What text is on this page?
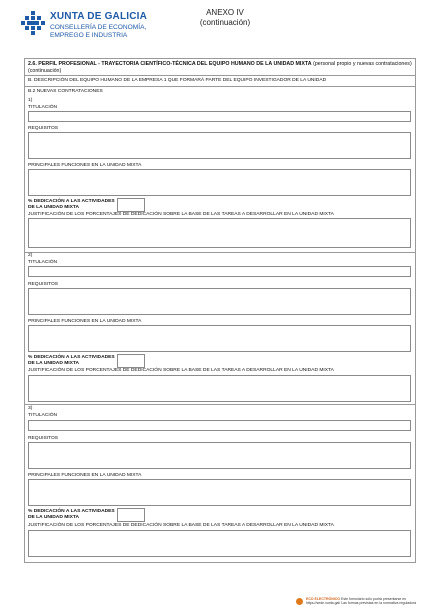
XUNTA DE GALICIA
CONSELLERÍA DE ECONOMÍA,
EMPREGO E INDUSTRIA
ANEXO IV
(continuación)
2.6. PERFIL PROFESIONAL - TRAYECTORIA CIENTÍFICO-TÉCNICA DEL EQUIPO HUMANO DE LA UNIDAD MIXTA (personal propio y nuevas contrataciones) (continuación)
B. DESCRIPCIÓN DEL EQUIPO HUMANO DE LA EMPRESA 1 QUE FORMARÁ PARTE DEL EQUIPO INVESTIGADOR DE LA UNIDAD
B.2 NUEVAS CONTRATACIONES
1)
TITULACIÓN
REQUISITOS
PRINCIPALES FUNCIONES EN LA UNIDAD MIXTA
% DEDICACIÓN A LAS ACTIVIDADES
DE LA UNIDAD MIXTA
JUSTIFICACIÓN DE LOS PORCENTAJES DE DEDICACIÓN SOBRE LA BASE DE LAS TAREAS A DESARROLLAR EN LA UNIDAD MIXTA
2)
TITULACIÓN
REQUISITOS
PRINCIPALES FUNCIONES EN LA UNIDAD MIXTA
% DEDICACIÓN A LAS ACTIVIDADES
DE LA UNIDAD MIXTA
JUSTIFICACIÓN DE LOS PORCENTAJES DE DEDICACIÓN SOBRE LA BASE DE LAS TAREAS A DESARROLLAR EN LA UNIDAD MIXTA
3)
TITULACIÓN
REQUISITOS
PRINCIPALES FUNCIONES EN LA UNIDAD MIXTA
% DEDICACIÓN A LAS ACTIVIDADES
DE LA UNIDAD MIXTA
JUSTIFICACIÓN DE LOS PORCENTAJES DE DEDICACIÓN SOBRE LA BASE DE LAS TAREAS A DESARROLLAR EN LA UNIDAD MIXTA
ECO ELECTRÓNICO Este formulario sólo podrá presentarse en
https://sede.xunta.gal/ Las formas previstas en la normativa reguladora
